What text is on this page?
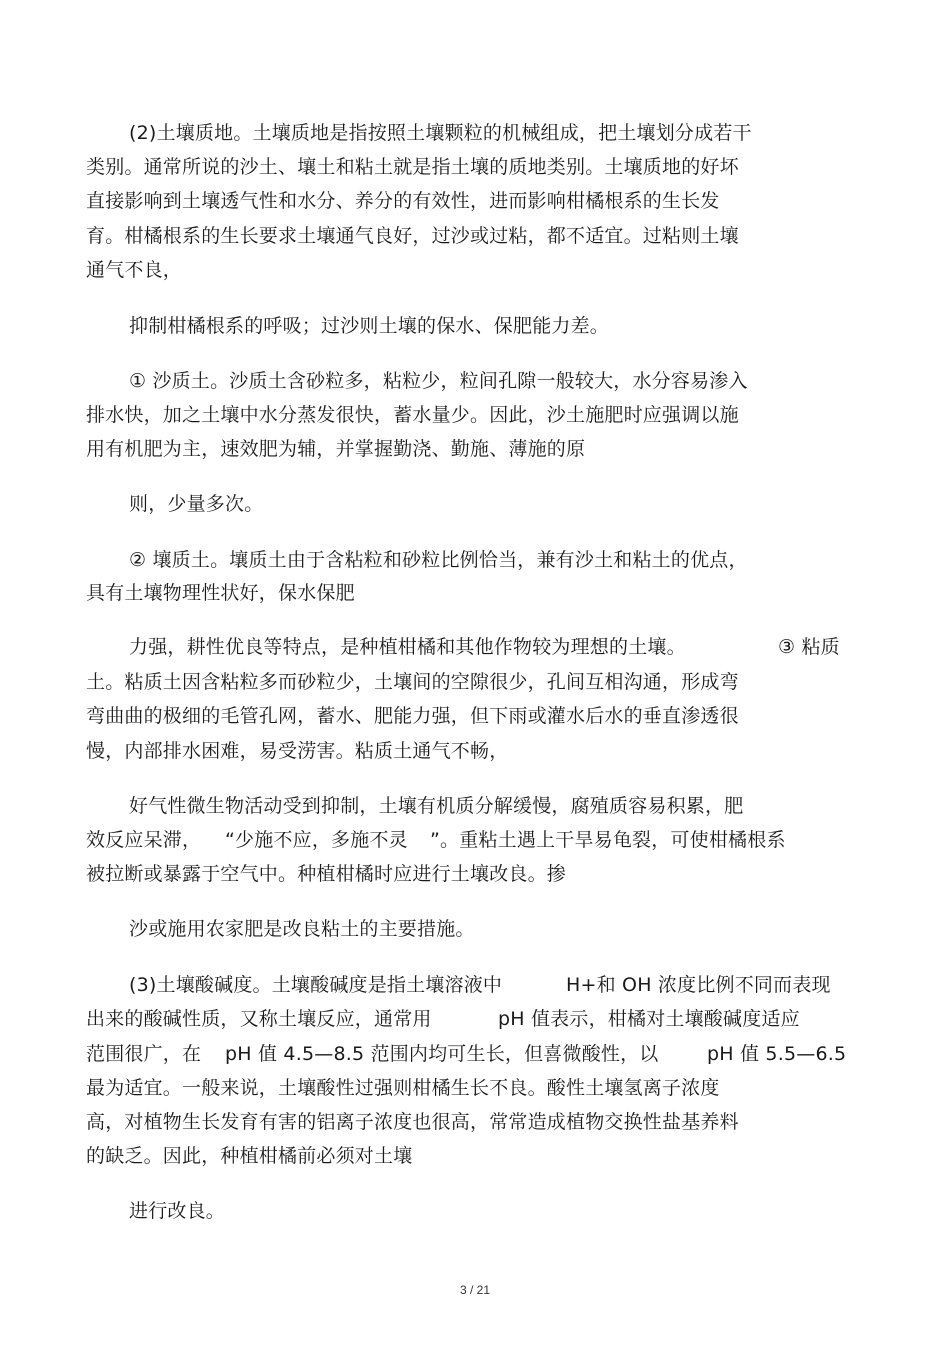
(2)土壤质地。土壤质地是指按照土壤颗粒的机械组成，把土壤划分成若干
类别。通常所说的沙土、壤土和粘土就是指土壤的质地类别。土壤质地的好坏
直接影响到土壤透气性和水分、养分的有效性，进而影响柑橘根系的生长发
育。柑橘根系的生长要求土壤通气良好，过沙或过粘，都不适宜。过粘则土壤
通气不良，
抑制柑橘根系的呼吸；过沙则土壤的保水、保肥能力差。
① 沙质土。沙质土含砂粒多，粘粒少，粒间孔隙一般较大，水分容易渗入
排水快，加之土壤中水分蒸发很快，蓄水量少。因此，沙土施肥时应强调以施
用有机肥为主，速效肥为辅，并掌握勤浇、勤施、薄施的原
则，少量多次。
② 壤质土。壤质土由于含粘粒和砂粒比例恰当，兼有沙土和粘土的优点，
具有土壤物理性状好，保水保肥
力强，耕性优良等特点，是种植柑橘和其他作物较为理想的土壤。	③ 粘质
土。粘质土因含粘粒多而砂粒少，土壤间的空隙很少，孔间互相沟通，形成弯
弯曲曲的极细的毛管孔网，蓄水、肥能力强，但下雨或灌水后水的垂直渗透很
慢，内部排水困难，易受涝害。粘质土通气不畅，
好气性微生物活动受到抑制，土壤有机质分解缓慢，腐殖质容易积累，肥
效反应呆滞， “少施不应，多施不灵 ”。重粘土遇上干旱易龟裂，可使柑橘根系
被拉断或暴露于空气中。种植柑橘时应进行土壤改良。掺
沙或施用农家肥是改良粘土的主要措施。
(3)土壤酸碱度。土壤酸碱度是指土壤溶液中	H+和 OH 浓度比例不同而表现
出来的酸碱性质，又称土壤反应，通常用	pH 值表示，柑橘对土壤酸碱度适应
范围很广，在 pH 值 4.5—8.5 范围内均可生长，但喜微酸性，以	pH 值 5.5—6.5
最为适宜。一般来说，土壤酸性过强则柑橘生长不良。酸性土壤氢离子浓度
高，对植物生长发育有害的铝离子浓度也很高，常常造成植物交换性盐基养料
的缺乏。因此，种植柑橘前必须对土壤
进行改良。
3 / 21
